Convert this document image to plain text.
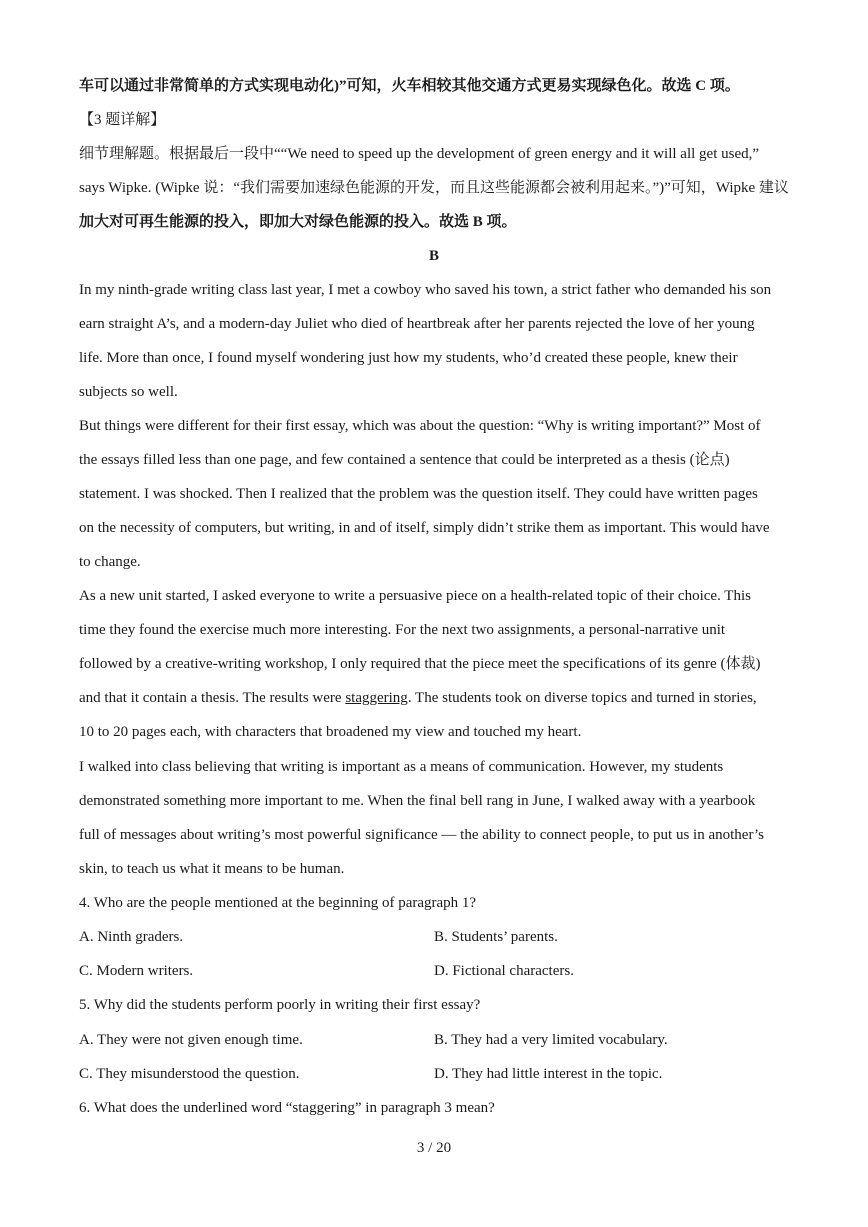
车可以通过非常简单的方式实现电动化)”可知，火车相较其他交通方式更易实现绿色化。故选 C 项。
【3 题详解】
细节理解题。根据最后一段中““We need to speed up the development of green energy and it will all get used,”
says Wipke. (Wipke 说：“我们需要加速绿色能源的开发，而且这些能源都会被利用起来。”)”可知，Wipke 建议
加大对可再生能源的投入，即加大对绿色能源的投入。故选 B 项。
B
In my ninth-grade writing class last year, I met a cowboy who saved his town, a strict father who demanded his son
earn straight A’s, and a modern-day Juliet who died of heartbreak after her parents rejected the love of her young
life. More than once, I found myself wondering just how my students, who’d created these people, knew their
subjects so well.
But things were different for their first essay, which was about the question: “Why is writing important?” Most of
the essays filled less than one page, and few contained a sentence that could be interpreted as a thesis (论点)
statement. I was shocked. Then I realized that the problem was the question itself. They could have written pages
on the necessity of computers, but writing, in and of itself, simply didn’t strike them as important. This would have
to change.
As a new unit started, I asked everyone to write a persuasive piece on a health-related topic of their choice. This
time they found the exercise much more interesting. For the next two assignments, a personal-narrative unit
followed by a creative-writing workshop, I only required that the piece meet the specifications of its genre (体裁)
and that it contain a thesis. The results were staggering. The students took on diverse topics and turned in stories,
10 to 20 pages each, with characters that broadened my view and touched my heart.
I walked into class believing that writing is important as a means of communication. However, my students
demonstrated something more important to me. When the final bell rang in June, I walked away with a yearbook
full of messages about writing’s most powerful significance — the ability to connect people, to put us in another’s
skin, to teach us what it means to be human.
4. Who are the people mentioned at the beginning of paragraph 1?
A. Ninth graders.	B. Students’ parents.
C. Modern writers.	D. Fictional characters.
5. Why did the students perform poorly in writing their first essay?
A. They were not given enough time.	B. They had a very limited vocabulary.
C. They misunderstood the question.	D. They had little interest in the topic.
6. What does the underlined word “staggering” in paragraph 3 mean?
3 / 20
